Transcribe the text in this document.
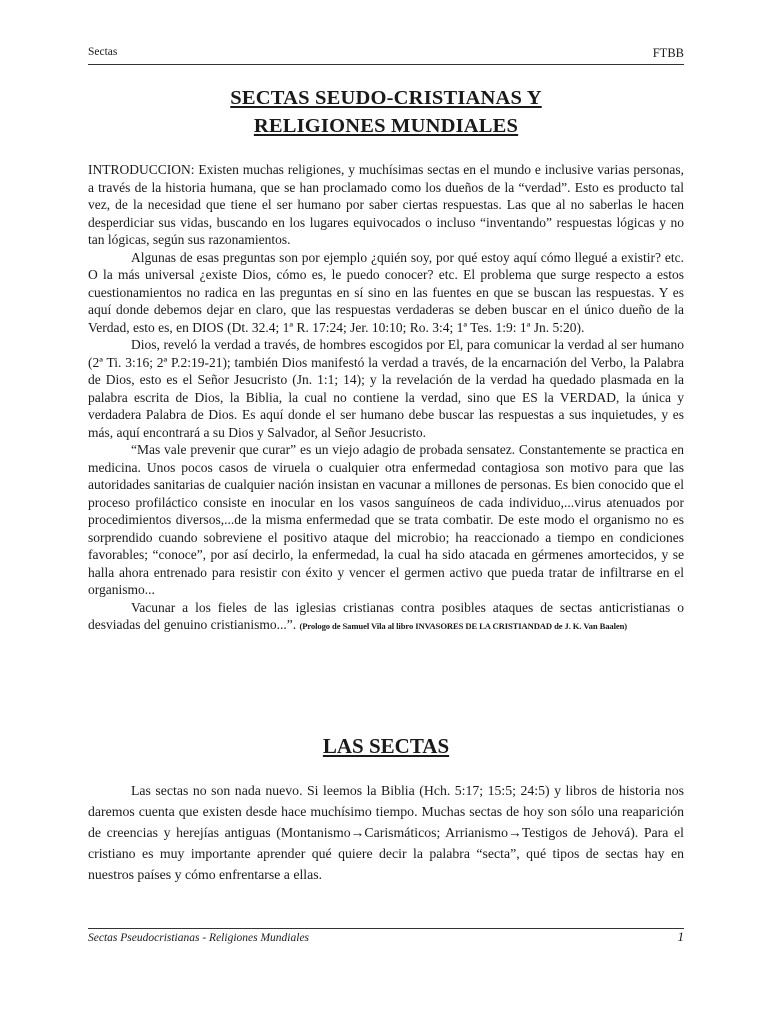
Sectas	FTBB
SECTAS SEUDO-CRISTIANAS Y
RELIGIONES MUNDIALES

INTRODUCCION: Existen muchas religiones, y muchísimas sectas en el mundo e inclusive varias personas, a través de la historia humana, que se han proclamado como los dueños de la “verdad”. Esto es producto tal vez, de la necesidad que tiene el ser humano por saber ciertas respuestas. Las que al no saberlas le hacen desperdiciar sus vidas, buscando en los lugares equivocados o incluso “inventando” respuestas lógicas y no tan lógicas, según sus razonamientos.

Algunas de esas preguntas son por ejemplo ¿quién soy, por qué estoy aquí cómo llegué a existir? etc. O la más universal ¿existe Dios, cómo es, le puedo conocer? etc. El problema que surge respecto a estos cuestionamientos no radica en las preguntas en sí sino en las fuentes en que se buscan las respuestas. Y es aquí donde debemos dejar en claro, que las respuestas verdaderas se deben buscar en el único dueño de la Verdad, esto es, en DIOS (Dt. 32.4; 1ª R. 17:24; Jer. 10:10; Ro. 3:4; 1ª Tes. 1:9: 1ª Jn. 5:20).

Dios, reveló la verdad a través, de hombres escogidos por El, para comunicar la verdad al ser humano (2ª Ti. 3:16; 2ª P.2:19-21); también Dios manifestó la verdad a través, de la encarnación del Verbo, la Palabra de Dios, esto es el Señor Jesucristo (Jn. 1:1; 14); y la revelación de la verdad ha quedado plasmada en la palabra escrita de Dios, la Biblia, la cual no contiene la verdad, sino que ES la VERDAD, la única y verdadera Palabra de Dios. Es aquí donde el ser humano debe buscar las respuestas a sus inquietudes, y es más, aquí encontrará a su Dios y Salvador, al Señor Jesucristo.

“Mas vale prevenir que curar” es un viejo adagio de probada sensatez. Constantemente se practica en medicina. Unos pocos casos de viruela o cualquier otra enfermedad contagiosa son motivo para que las autoridades sanitarias de cualquier nación insistan en vacunar a millones de personas. Es bien conocido que el proceso profiláctico consiste en inocular en los vasos sanguíneos de cada individuo,...virus atenuados por procedimientos diversos,...de la misma enfermedad que se trata combatir. De este modo el organismo no es sorprendido cuando sobreviene el positivo ataque del microbio; ha reaccionado a tiempo en condiciones favorables; “conoce”, por así decirlo, la enfermedad, la cual ha sido atacada en gérmenes amortecidos, y se halla ahora entrenado para resistir con éxito y vencer el germen activo que pueda tratar de infiltrarse en el organismo...

Vacunar a los fieles de las iglesias cristianas contra posibles ataques de sectas anticristianas o desviadas del genuino cristianismo...”. (Prologo de Samuel Vila al libro INVASORES DE LA CRISTIANDAD de J. K. Van Baalen)

LAS SECTAS

Las sectas no son nada nuevo. Si leemos la Biblia (Hch. 5:17; 15:5; 24:5) y libros de historia nos daremos cuenta que existen desde hace muchísimo tiempo. Muchas sectas de hoy son sólo una reaparición de creencias y herejías antiguas (Montanismo→Carismáticos; Arrianismo→Testigos de Jehová). Para el cristiano es muy importante aprender qué quiere decir la palabra “secta”, qué tipos de sectas hay en nuestros países y cómo enfrentarse a ellas.

Sectas Pseudocristianas - Religiones Mundiales	1
